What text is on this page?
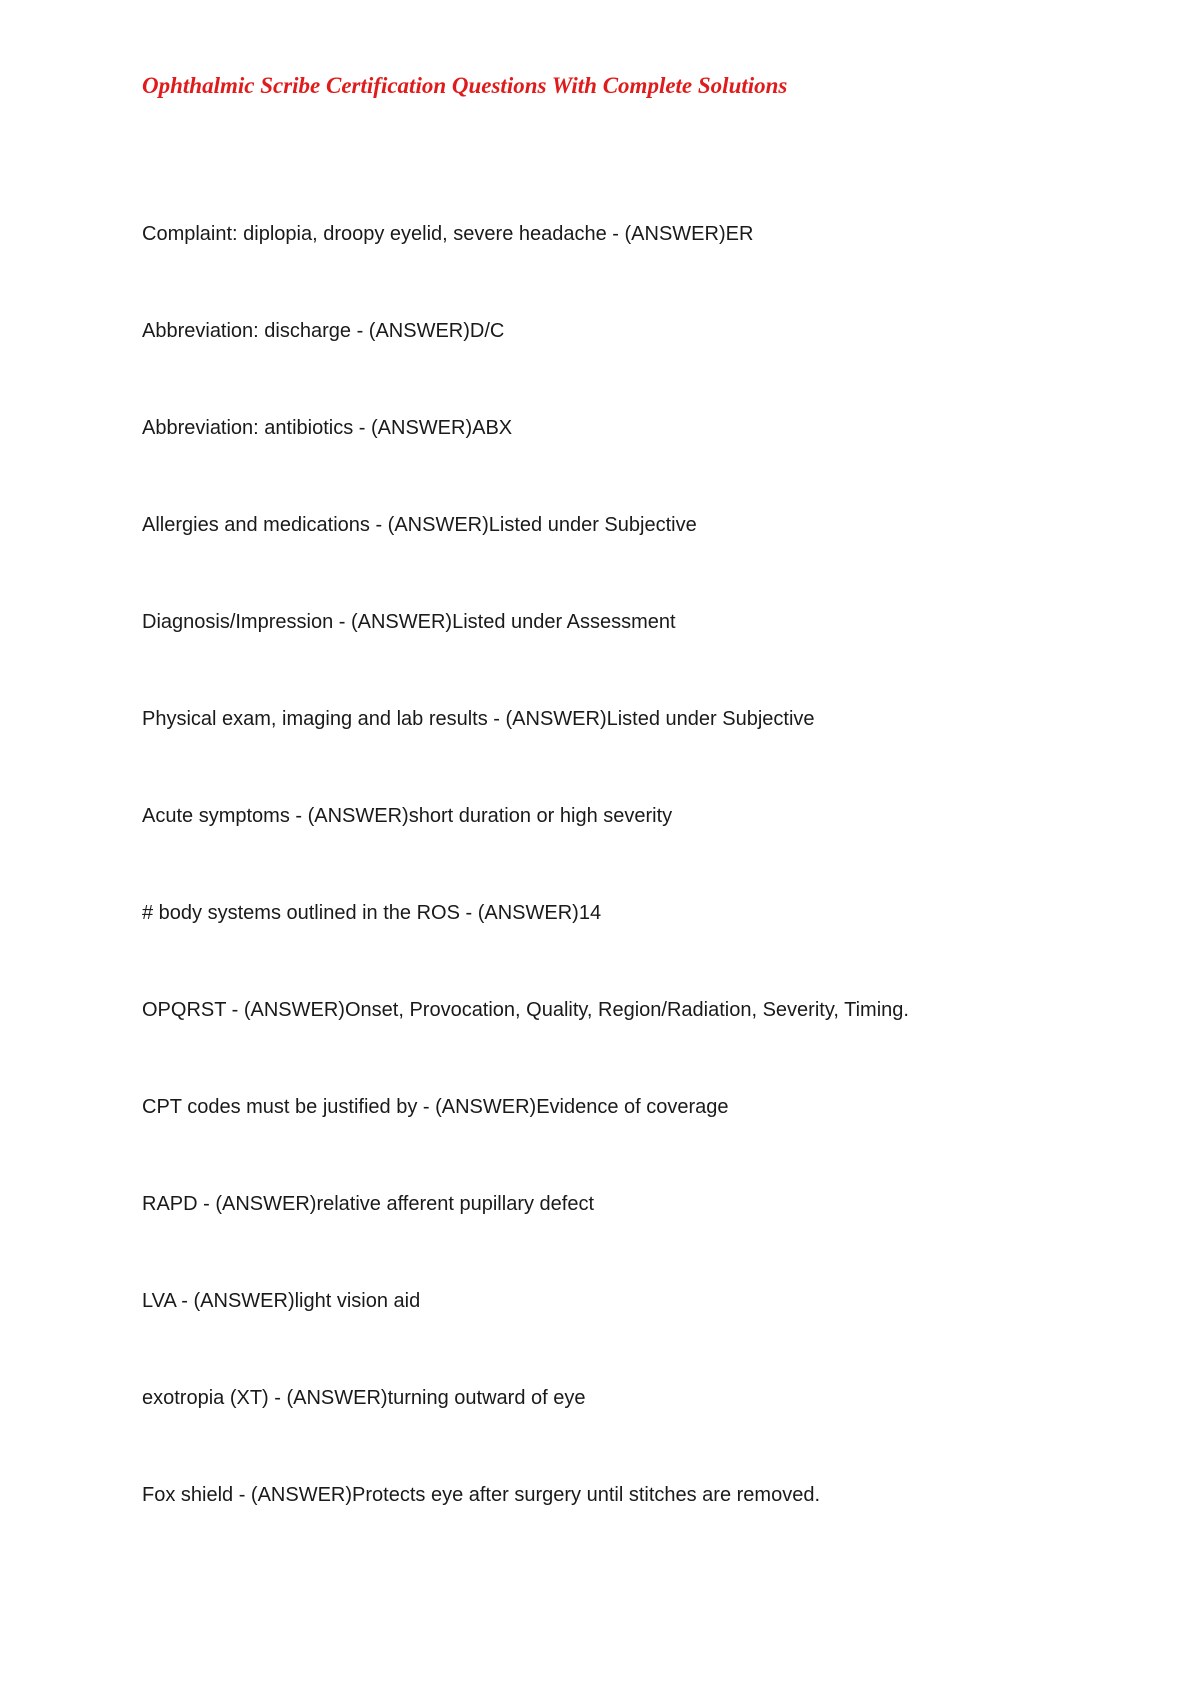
Ophthalmic Scribe Certification Questions With Complete Solutions
Complaint: diplopia, droopy eyelid, severe headache - (ANSWER)ER
Abbreviation: discharge - (ANSWER)D/C
Abbreviation: antibiotics - (ANSWER)ABX
Allergies and medications - (ANSWER)Listed under Subjective
Diagnosis/Impression - (ANSWER)Listed under Assessment
Physical exam, imaging and lab results - (ANSWER)Listed under Subjective
Acute symptoms - (ANSWER)short duration or high severity
# body systems outlined in the ROS - (ANSWER)14
OPQRST - (ANSWER)Onset, Provocation, Quality, Region/Radiation, Severity, Timing.
CPT codes must be justified by - (ANSWER)Evidence of coverage
RAPD - (ANSWER)relative afferent pupillary defect
LVA - (ANSWER)light vision aid
exotropia (XT) - (ANSWER)turning outward of eye
Fox shield - (ANSWER)Protects eye after surgery until stitches are removed.
